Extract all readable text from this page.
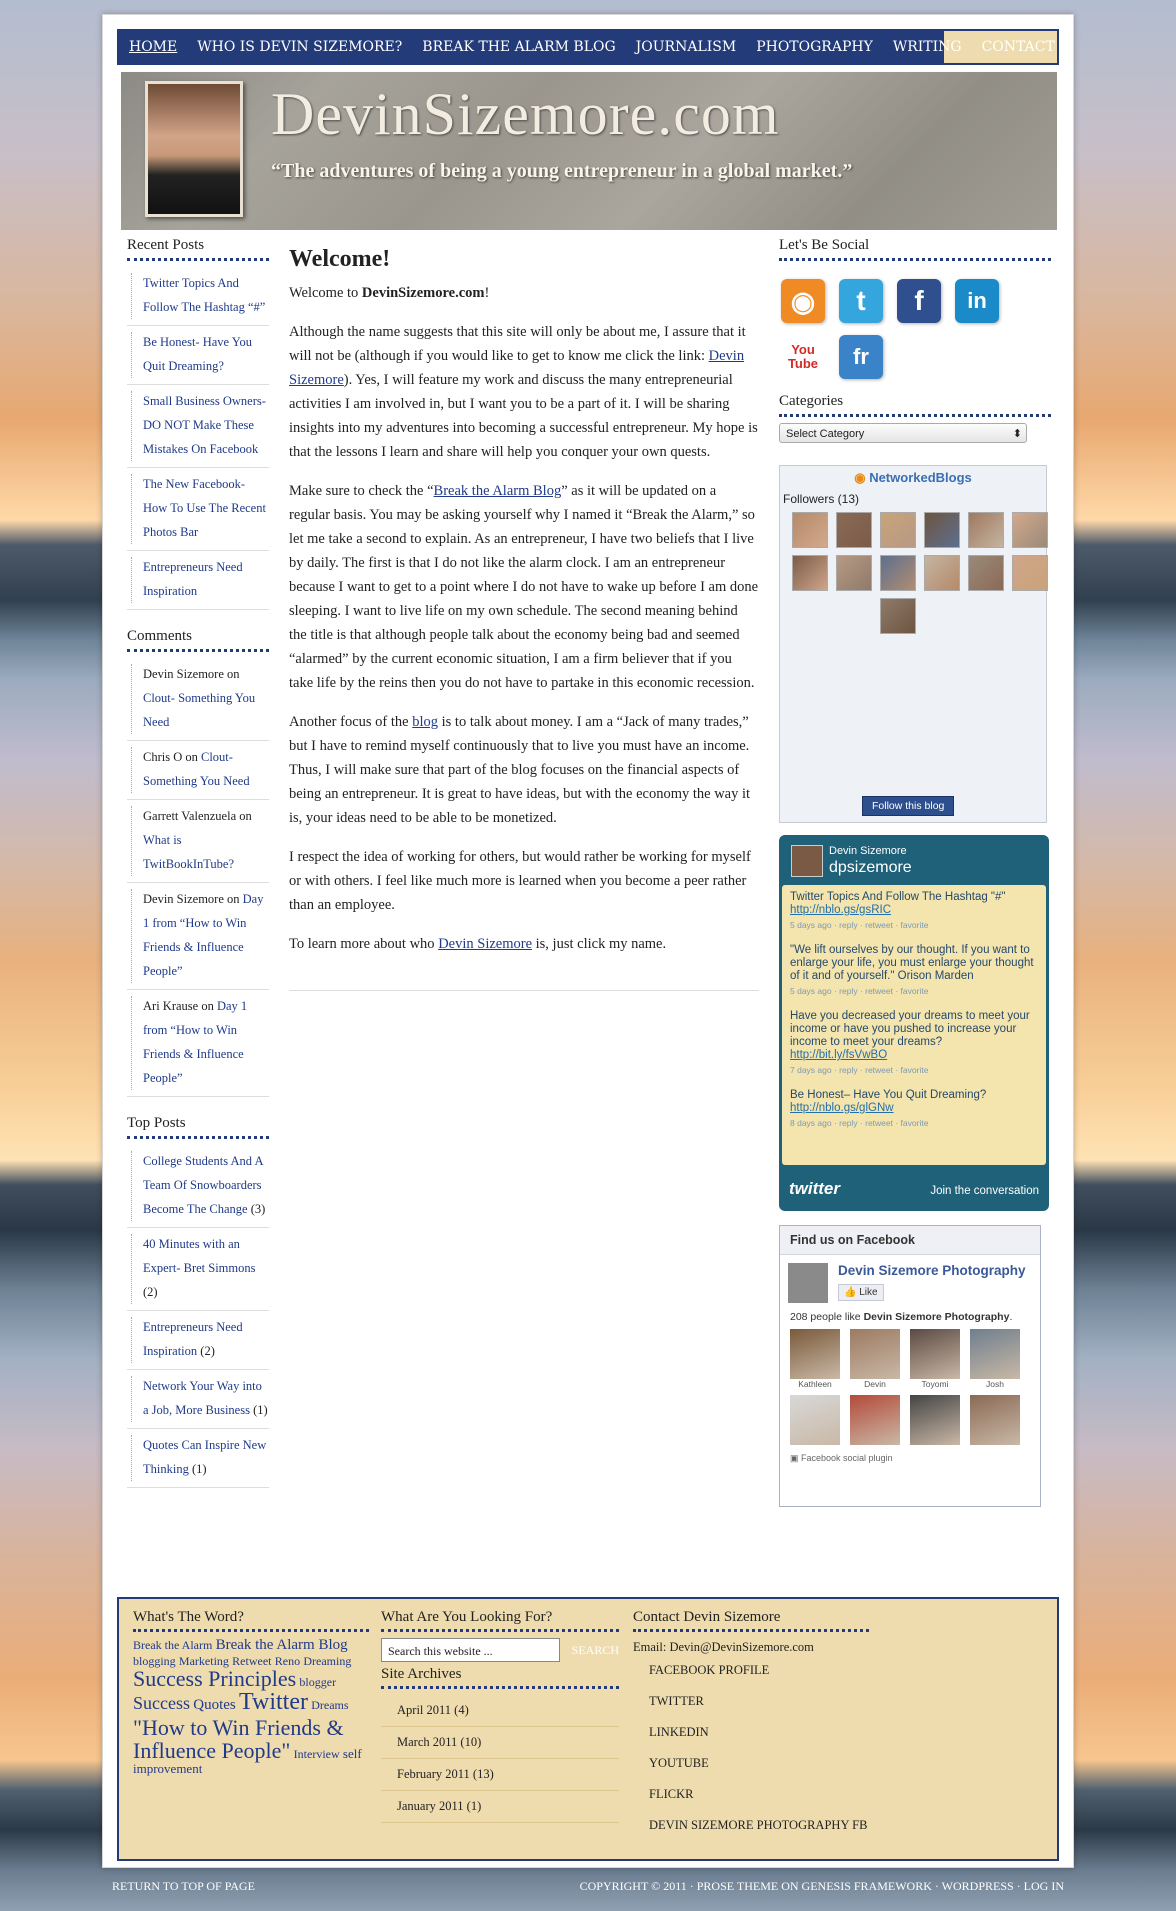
HOME	WHO IS DEVIN SIZEMORE?	BREAK THE ALARM BLOG	JOURNALISM	PHOTOGRAPHY	WRITING	CONTACT
DevinSizemore.com
“The adventures of being a young entrepreneur in a global market.”
Recent Posts
Twitter Topics And Follow The Hashtag “#”
Be Honest- Have You Quit Dreaming?
Small Business Owners- DO NOT Make These Mistakes On Facebook
The New Facebook- How To Use The Recent Photos Bar
Entrepreneurs Need Inspiration
Comments
Devin Sizemore on Clout- Something You Need
Chris O on Clout- Something You Need
Garrett Valenzuela on What is TwitBookInTube?
Devin Sizemore on Day 1 from “How to Win Friends & Influence People”
Ari Krause on Day 1 from “How to Win Friends & Influence People”
Top Posts
College Students And A Team Of Snowboarders Become The Change (3)
40 Minutes with an Expert- Bret Simmons (2)
Entrepreneurs Need Inspiration (2)
Network Your Way into a Job, More Business (1)
Quotes Can Inspire New Thinking (1)
Welcome!

Welcome to DevinSizemore.com!

Although the name suggests that this site will only be about me, I assure that it will not be (although if you would like to get to know me click the link: Devin Sizemore). Yes, I will feature my work and discuss the many entrepreneurial activities I am involved in, but I want you to be a part of it. I will be sharing insights into my adventures into becoming a successful entrepreneur. My hope is that the lessons I learn and share will help you conquer your own quests.

Make sure to check the “Break the Alarm Blog” as it will be updated on a regular basis. You may be asking yourself why I named it “Break the Alarm,” so let me take a second to explain. As an entrepreneur, I have two beliefs that I live by daily. The first is that I do not like the alarm clock. I am an entrepreneur because I want to get to a point where I do not have to wake up before I am done sleeping. I want to live life on my own schedule. The second meaning behind the title is that although people talk about the economy being bad and seemed “alarmed” by the current economic situation, I am a firm believer that if you take life by the reins then you do not have to partake in this economic recession.

Another focus of the blog is to talk about money. I am a “Jack of many trades,” but I have to remind myself continuously that to live you must have an income. Thus, I will make sure that part of the blog focuses on the financial aspects of being an entrepreneur. It is great to have ideas, but with the economy the way it is, your ideas need to be able to be monetized.

I respect the idea of working for others, but would rather be working for myself or with others. I feel like much more is learned when you become a peer rather than an employee.

To learn more about who Devin Sizemore is, just click my name.

Let's Be Social
◉	t	f	in
You Tube	fr
Categories
Select Category ⬍
◉ NetworkedBlogs
Followers (13)
Follow this blog
Devin Sizemore
dpsizemore
Twitter Topics And Follow The Hashtag "#" http://nblo.gs/gsRIC
5 days ago · reply · retweet · favorite
"We lift ourselves by our thought. If you want to enlarge your life, you must enlarge your thought of it and of yourself." Orison Marden
5 days ago · reply · retweet · favorite
Have you decreased your dreams to meet your income or have you pushed to increase your income to meet your dreams? http://bit.ly/fsVwBO
7 days ago · reply · retweet · favorite
Be Honest– Have You Quit Dreaming? http://nblo.gs/glGNw
8 days ago · reply · retweet · favorite
twitter	Join the conversation
Find us on Facebook
Devin Sizemore Photography
👍 Like
208 people like Devin Sizemore Photography.
Kathleen	Devin	Toyomi	Josh
▣ Facebook social plugin
What's The Word?
Break the Alarm Break the Alarm Blog blogging Marketing Retweet Reno Dreaming Success Principles blogger Success Quotes Twitter Dreams "How to Win Friends & Influence People" Interview self improvement
What Are You Looking For?
Search this website ...	SEARCH
Site Archives
April 2011 (4)
March 2011 (10)
February 2011 (13)
January 2011 (1)
Contact Devin Sizemore
Email: Devin@DevinSizemore.com
FACEBOOK PROFILE
TWITTER
LINKEDIN
YOUTUBE
FLICKR
DEVIN SIZEMORE PHOTOGRAPHY FB
RETURN TO TOP OF PAGE	COPYRIGHT © 2011 · PROSE THEME ON GENESIS FRAMEWORK · WORDPRESS · LOG IN
